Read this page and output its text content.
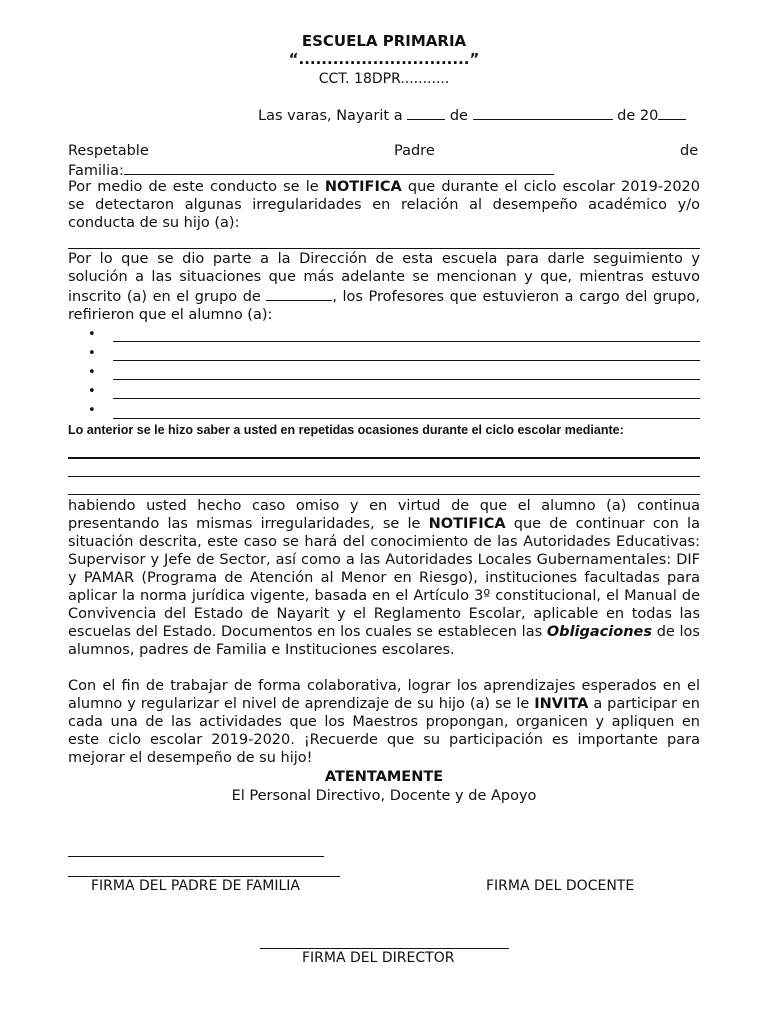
ESCUELA PRIMARIA
“..............................”
CCT. 18DPR...........
Las varas, Nayarit a	de	de 20
Respetable	Padre	de
Familia:
Por medio de este conducto se le NOTIFICA que durante el ciclo escolar 2019-2020 se detectaron algunas irregularidades en relación al desempeño académico y/o conducta de su hijo (a):
Por lo que se dio parte a la Dirección de esta escuela para darle seguimiento y solución a las situaciones que más adelante se mencionan y que, mientras estuvo inscrito (a) en el grupo de	, los Profesores que estuvieron a cargo del grupo, refirieron que el alumno (a):
•
•
•
•
•
Lo anterior se le hizo saber a usted en repetidas ocasiones durante el ciclo escolar mediante:
habiendo usted hecho caso omiso y en virtud de que el alumno (a) continua presentando las mismas irregularidades, se le NOTIFICA que de continuar con la situación descrita, este caso se hará del conocimiento de las Autoridades Educativas: Supervisor y Jefe de Sector, así como a las Autoridades Locales Gubernamentales: DIF y PAMAR (Programa de Atención al Menor en Riesgo), instituciones facultadas para aplicar la norma jurídica vigente, basada en el Artículo 3º constitucional, el Manual de Convivencia del Estado de Nayarit y el Reglamento Escolar, aplicable en todas las escuelas del Estado. Documentos en los cuales se establecen las Obligaciones de los alumnos, padres de Familia e Instituciones escolares.
Con el fin de trabajar de forma colaborativa, lograr los aprendizajes esperados en el alumno y regularizar el nivel de aprendizaje de su hijo (a) se le INVITA a participar en cada una de las actividades que los Maestros propongan, organicen y apliquen en este ciclo escolar 2019-2020. ¡Recuerde que su participación es importante para mejorar el desempeño de su hijo!
ATENTAMENTE
El Personal Directivo, Docente y de Apoyo
FIRMA DEL PADRE DE FAMILIA	FIRMA DEL DOCENTE
FIRMA DEL DIRECTOR
